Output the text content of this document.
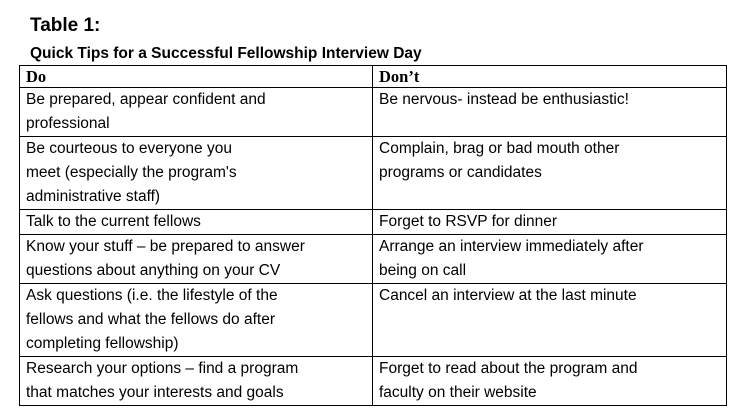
Table 1:

Quick Tips for a Successful Fellowship Interview Day

Do	Don’t

Be prepared, appear confident and
professional	Be nervous- instead be enthusiastic!

Be courteous to everyone you
meet (especially the program's
administrative staff)	Complain, brag or bad mouth other
programs or candidates

Talk to the current fellows	Forget to RSVP for dinner

Know your stuff – be prepared to answer
questions about anything on your CV	Arrange an interview immediately after
being on call

Ask questions (i.e. the lifestyle of the
fellows and what the fellows do after
completing fellowship)	Cancel an interview at the last minute

Research your options – find a program
that matches your interests and goals	Forget to read about the program and
faculty on their website
